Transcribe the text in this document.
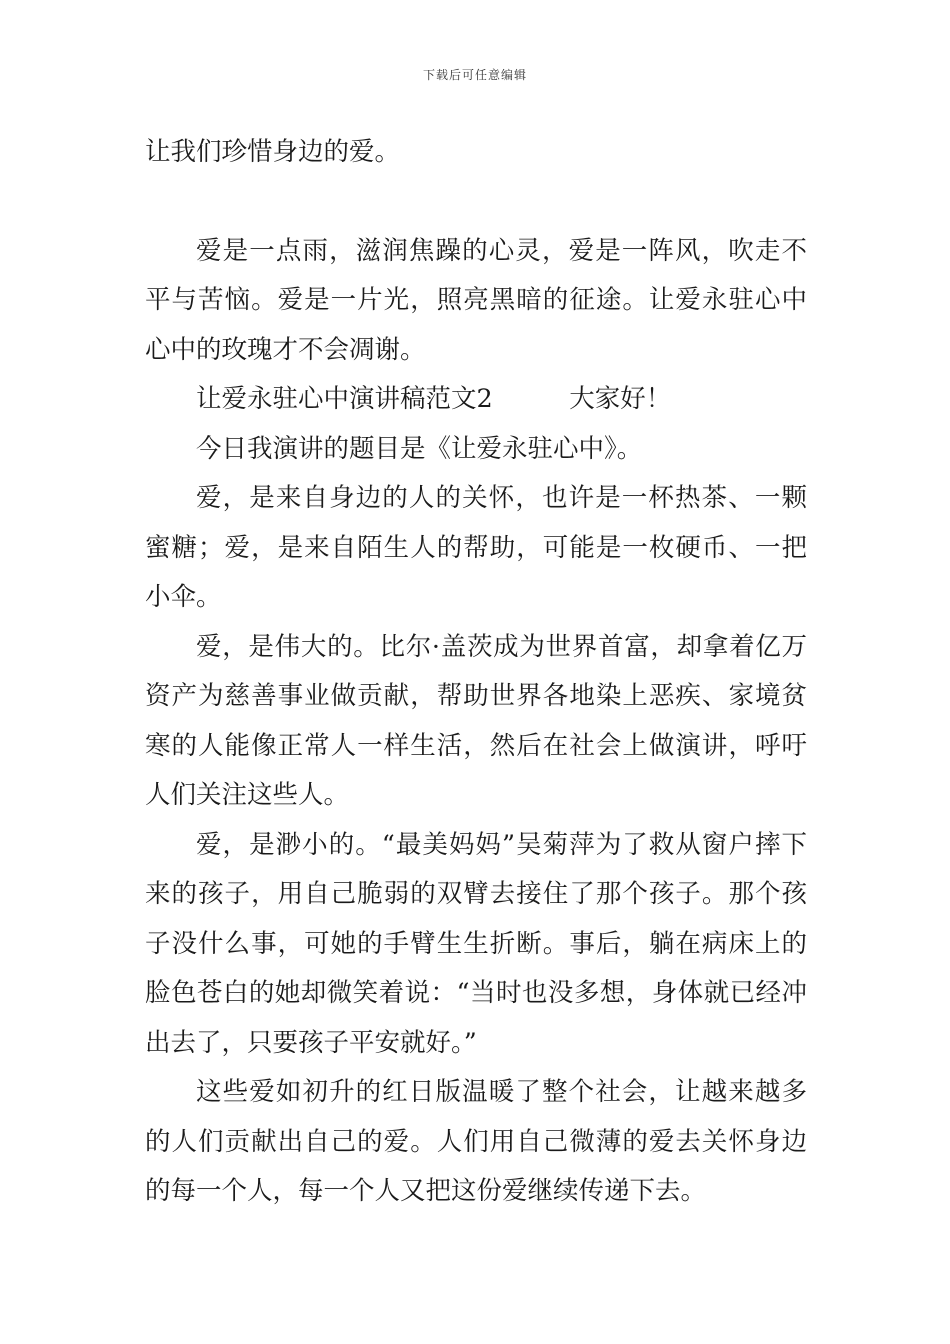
下载后可任意编辑

让我们珍惜身边的爱。

爱是一点雨，滋润焦躁的心灵，爱是一阵风，吹走不平与苦恼。爱是一片光，照亮黑暗的征途。让爱永驻心中心中的玫瑰才不会凋谢。

让爱永驻心中演讲稿范文2　　　大家好！

今日我演讲的题目是《让爱永驻心中》。

爱，是来自身边的人的关怀，也许是一杯热茶、一颗蜜糖；爱，是来自陌生人的帮助，可能是一枚硬币、一把小伞。

爱，是伟大的。比尔·盖茨成为世界首富，却拿着亿万资产为慈善事业做贡献，帮助世界各地染上恶疾、家境贫寒的人能像正常人一样生活，然后在社会上做演讲，呼吁人们关注这些人。

爱，是渺小的。“最美妈妈”吴菊萍为了救从窗户摔下来的孩子，用自己脆弱的双臂去接住了那个孩子。那个孩子没什么事，可她的手臂生生折断。事后，躺在病床上的脸色苍白的她却微笑着说：“当时也没多想，身体就已经冲出去了，只要孩子平安就好。”

这些爱如初升的红日版温暖了整个社会，让越来越多的人们贡献出自己的爱。人们用自己微薄的爱去关怀身边的每一个人，每一个人又把这份爱继续传递下去。
